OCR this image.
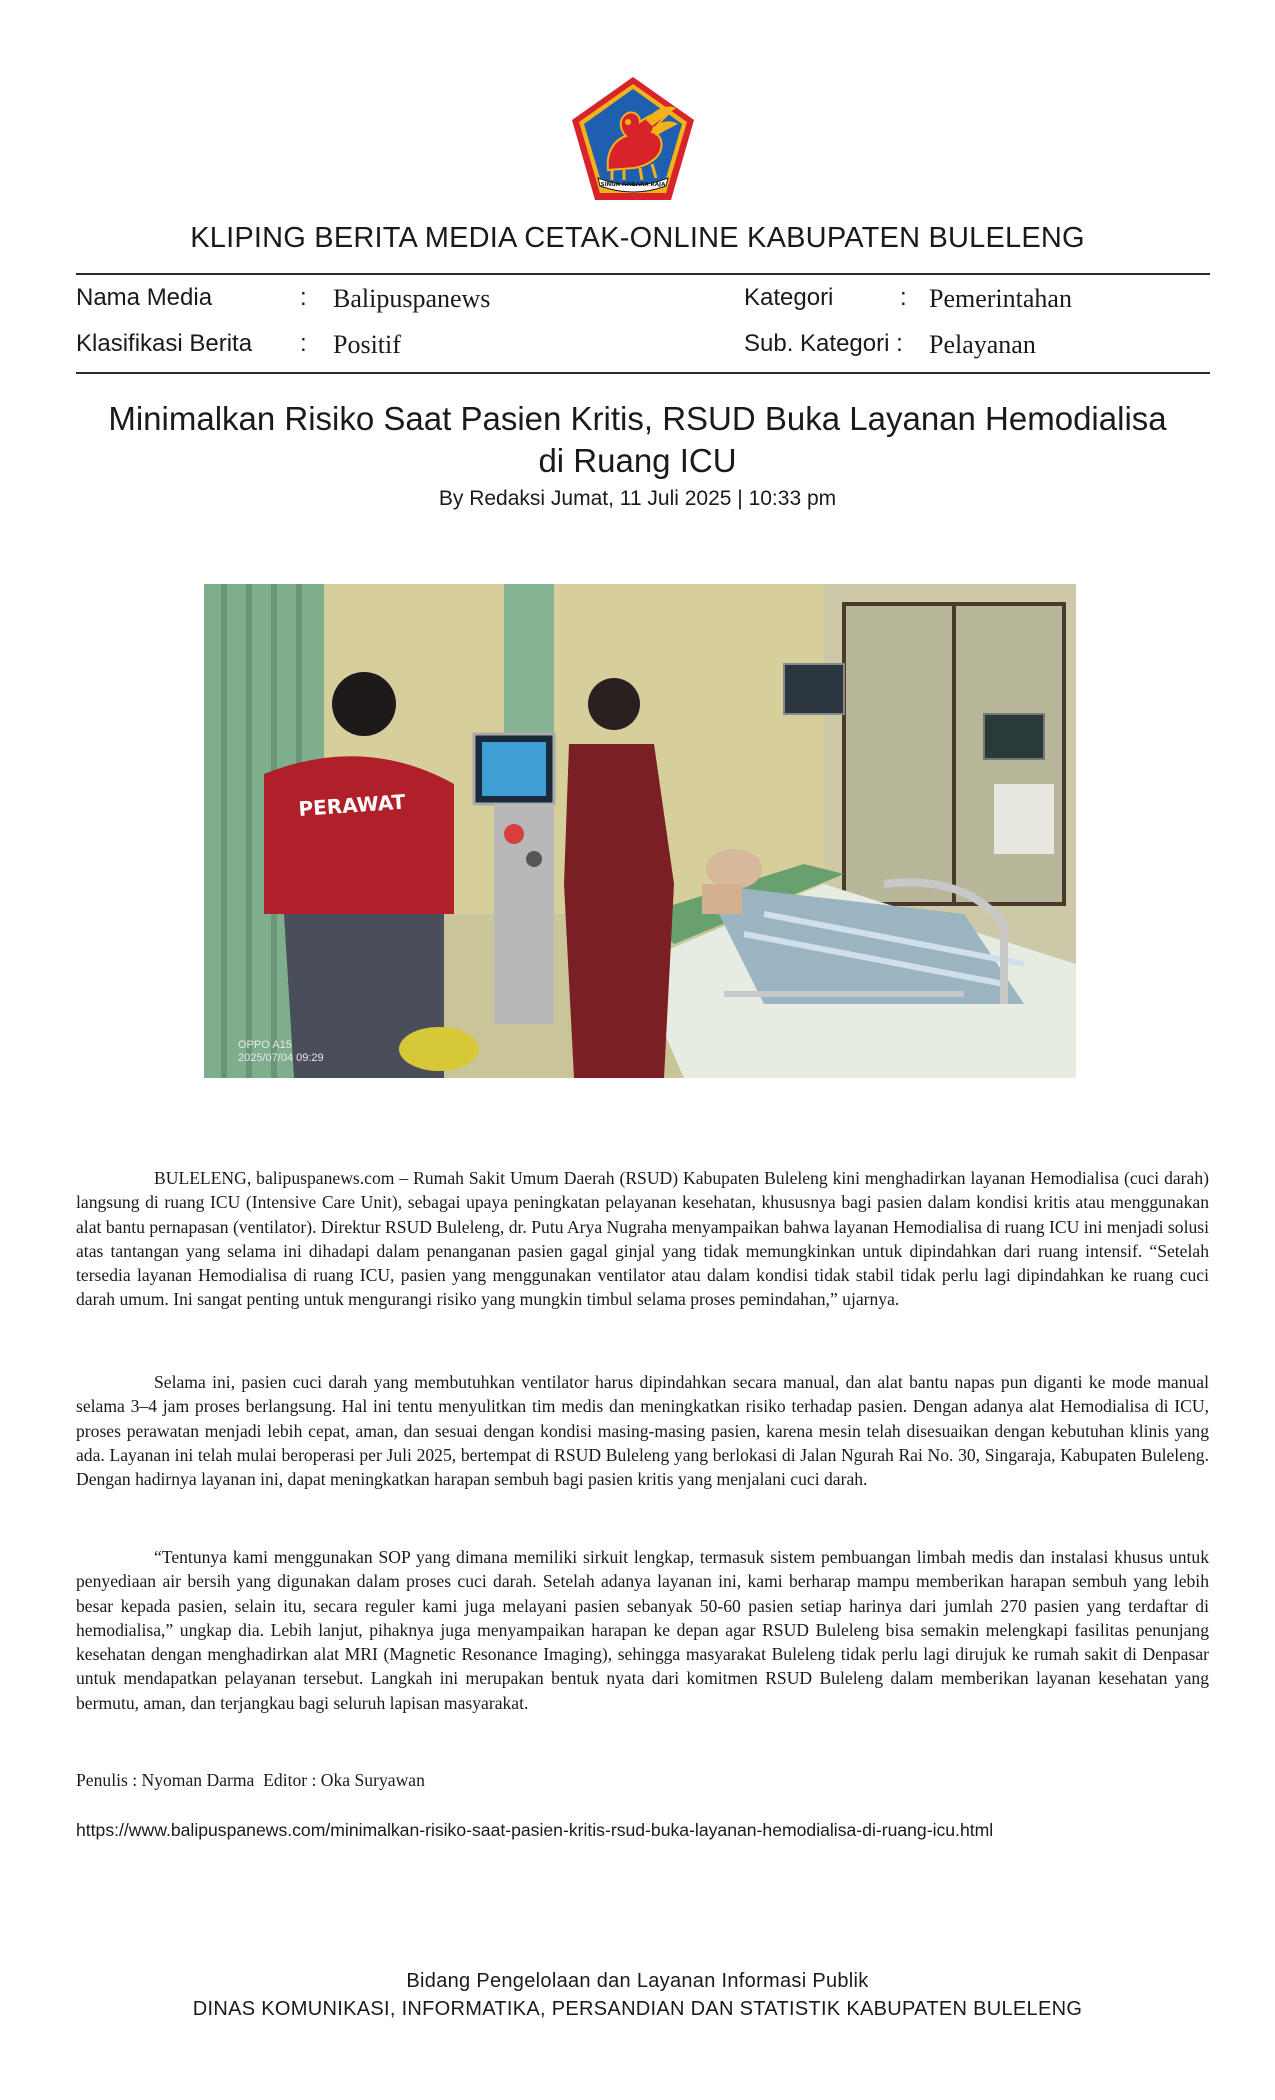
SINGA AMBARA RAJA
KLIPING BERITA MEDIA CETAK-ONLINE KABUPATEN BULELENG
Nama Media	: Balipuspanews	Kategori	: Pemerintahan
Klasifikasi Berita : Positif	Sub. Kategori : Pelayanan
Minimalkan Risiko Saat Pasien Kritis, RSUD Buka Layanan Hemodialisa
di Ruang ICU
By Redaksi Jumat, 11 Juli 2025 | 10:33 pm
PERAWAT
OPPO A15
2025/07/04 09:29

BULELENG, balipuspanews.com – Rumah Sakit Umum Daerah (RSUD) Kabupaten Buleleng kini menghadirkan layanan Hemodialisa (cuci darah) langsung di ruang ICU (Intensive Care Unit), sebagai upaya peningkatan pelayanan kesehatan, khususnya bagi pasien dalam kondisi kritis atau menggunakan alat bantu pernapasan (ventilator). Direktur RSUD Buleleng, dr. Putu Arya Nugraha menyampaikan bahwa layanan Hemodialisa di ruang ICU ini menjadi solusi atas tantangan yang selama ini dihadapi dalam penanganan pasien gagal ginjal yang tidak memungkinkan untuk dipindahkan dari ruang intensif. “Setelah tersedia layanan Hemodialisa di ruang ICU, pasien yang menggunakan ventilator atau dalam kondisi tidak stabil tidak perlu lagi dipindahkan ke ruang cuci darah umum. Ini sangat penting untuk mengurangi risiko yang mungkin timbul selama proses pemindahan,” ujarnya.

Selama ini, pasien cuci darah yang membutuhkan ventilator harus dipindahkan secara manual, dan alat bantu napas pun diganti ke mode manual selama 3–4 jam proses berlangsung. Hal ini tentu menyulitkan tim medis dan meningkatkan risiko terhadap pasien. Dengan adanya alat Hemodialisa di ICU, proses perawatan menjadi lebih cepat, aman, dan sesuai dengan kondisi masing-masing pasien, karena mesin telah disesuaikan dengan kebutuhan klinis yang ada. Layanan ini telah mulai beroperasi per Juli 2025, bertempat di RSUD Buleleng yang berlokasi di Jalan Ngurah Rai No. 30, Singaraja, Kabupaten Buleleng. Dengan hadirnya layanan ini, dapat meningkatkan harapan sembuh bagi pasien kritis yang menjalani cuci darah.

“Tentunya kami menggunakan SOP yang dimana memiliki sirkuit lengkap, termasuk sistem pembuangan limbah medis dan instalasi khusus untuk penyediaan air bersih yang digunakan dalam proses cuci darah. Setelah adanya layanan ini, kami berharap mampu memberikan harapan sembuh yang lebih besar kepada pasien, selain itu, secara reguler kami juga melayani pasien sebanyak 50-60 pasien setiap harinya dari jumlah 270 pasien yang terdaftar di hemodialisa,” ungkap dia. Lebih lanjut, pihaknya juga menyampaikan harapan ke depan agar RSUD Buleleng bisa semakin melengkapi fasilitas penunjang kesehatan dengan menghadirkan alat MRI (Magnetic Resonance Imaging), sehingga masyarakat Buleleng tidak perlu lagi dirujuk ke rumah sakit di Denpasar untuk mendapatkan pelayanan tersebut. Langkah ini merupakan bentuk nyata dari komitmen RSUD Buleleng dalam memberikan layanan kesehatan yang bermutu, aman, dan terjangkau bagi seluruh lapisan masyarakat.

Penulis : Nyoman Darma  Editor : Oka Suryawan
https://www.balipuspanews.com/minimalkan-risiko-saat-pasien-kritis-rsud-buka-layanan-hemodialisa-di-ruang-icu.html
Bidang Pengelolaan dan Layanan Informasi Publik
DINAS KOMUNIKASI, INFORMATIKA, PERSANDIAN DAN STATISTIK KABUPATEN BULELENG
